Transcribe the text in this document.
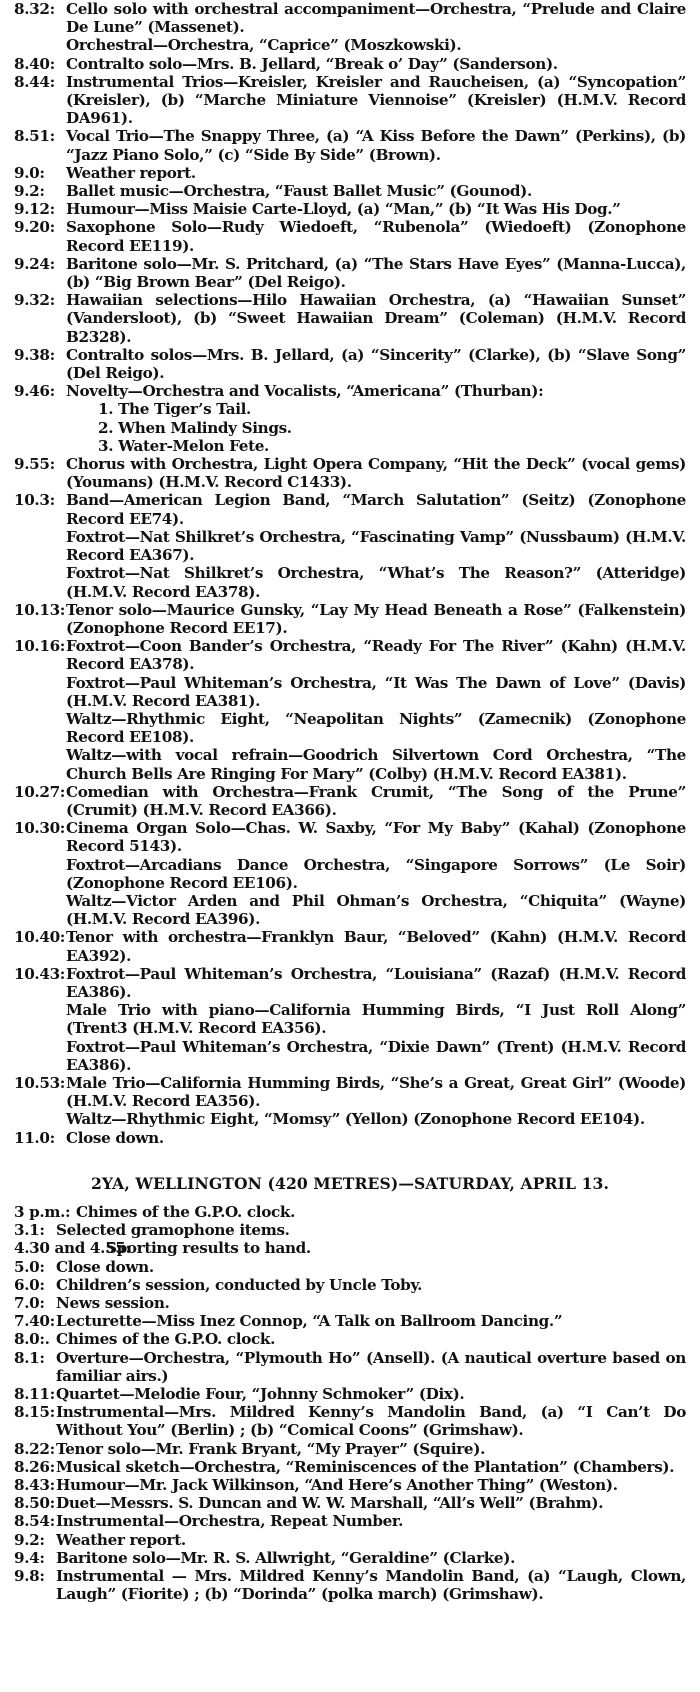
8.32: Cello solo with orchestral accompaniment—Orchestra, “Prelude and Claire De Lune” (Massenet).
Orchestral—Orchestra, “Caprice” (Moszkowski).
8.40: Contralto solo—Mrs. B. Jellard, “Break o’ Day” (Sanderson).
8.44: Instrumental Trios—Kreisler, Kreisler and Raucheisen, (a) “Syncopation” (Kreisler), (b) “Marche Miniature Viennoise” (Kreisler) (H.M.V. Record DA961).
8.51: Vocal Trio—The Snappy Three, (a) “A Kiss Before the Dawn” (Perkins), (b) “Jazz Piano Solo,” (c) “Side By Side” (Brown).
9.0: Weather report.
9.2: Ballet music—Orchestra, “Faust Ballet Music” (Gounod).
9.12: Humour—Miss Maisie Carte-Lloyd, (a) “Man,” (b) “It Was His Dog.”
9.20: Saxophone Solo—Rudy Wiedoeft, “Rubenola” (Wiedoeft) (Zonophone Record EE119).
9.24: Baritone solo—Mr. S. Pritchard, (a) “The Stars Have Eyes” (Manna-Lucca), (b) “Big Brown Bear” (Del Reigo).
9.32: Hawaiian selections—Hilo Hawaiian Orchestra, (a) “Hawaiian Sunset” (Vandersloot), (b) “Sweet Hawaiian Dream” (Coleman) (H.M.V. Record B2328).
9.38: Contralto solos—Mrs. B. Jellard, (a) “Sincerity” (Clarke), (b) “Slave Song” (Del Reigo).
9.46: Novelty—Orchestra and Vocalists, “Americana” (Thurban):
1. The Tiger’s Tail.
2. When Malindy Sings.
3. Water-Melon Fete.
9.55: Chorus with Orchestra, Light Opera Company, “Hit the Deck” (vocal gems) (Youmans) (H.M.V. Record C1433).
10.3: Band—American Legion Band, “March Salutation” (Seitz) (Zonophone Record EE74).
Foxtrot—Nat Shilkret’s Orchestra, “Fascinating Vamp” (Nussbaum) (H.M.V. Record EA367).
Foxtrot—Nat Shilkret’s Orchestra, “What’s The Reason?” (Atteridge) (H.M.V. Record EA378).
10.13: Tenor solo—Maurice Gunsky, “Lay My Head Beneath a Rose” (Falkenstein) (Zonophone Record EE17).
10.16: Foxtrot—Coon Bander’s Orchestra, “Ready For The River” (Kahn) (H.M.V. Record EA378).
Foxtrot—Paul Whiteman’s Orchestra, “It Was The Dawn of Love” (Davis) (H.M.V. Record EA381).
Waltz—Rhythmic Eight, “Neapolitan Nights” (Zamecnik) (Zonophone Record EE108).
Waltz—with vocal refrain—Goodrich Silvertown Cord Orchestra, “The Church Bells Are Ringing For Mary” (Colby) (H.M.V. Record EA381).
10.27: Comedian with Orchestra—Frank Crumit, “The Song of the Prune” (Crumit) (H.M.V. Record EA366).
10.30: Cinema Organ Solo—Chas. W. Saxby, “For My Baby” (Kahal) (Zonophone Record 5143).
Foxtrot—Arcadians Dance Orchestra, “Singapore Sorrows” (Le Soir) (Zonophone Record EE106).
Waltz—Victor Arden and Phil Ohman’s Orchestra, “Chiquita” (Wayne) (H.M.V. Record EA396).
10.40: Tenor with orchestra—Franklyn Baur, “Beloved” (Kahn) (H.M.V. Record EA392).
10.43: Foxtrot—Paul Whiteman’s Orchestra, “Louisiana” (Razaf) (H.M.V. Record EA386).
Male Trio with piano—California Humming Birds, “I Just Roll Along” (Trent3 (H.M.V. Record EA356).
Foxtrot—Paul Whiteman’s Orchestra, “Dixie Dawn” (Trent) (H.M.V. Record EA386).
10.53: Male Trio—California Humming Birds, “She’s a Great, Great Girl” (Woode) (H.M.V. Record EA356).
Waltz—Rhythmic Eight, “Momsy” (Yellon) (Zonophone Record EE104).
11.0: Close down.
2YA, WELLINGTON (420 METRES)—SATURDAY, APRIL 13.
3 p.m.: Chimes of the G.P.O. clock.
3.1: Selected gramophone items.
4.30 and 4.55:
Sporting results to hand.
5.0: Close down.
6.0: Children’s session, conducted by Uncle Toby.
7.0: News session.
7.40: Lecturette—Miss Inez Connop, “A Talk on Ballroom Dancing.”
8.0:. Chimes of the G.P.O. clock.
8.1: Overture—Orchestra, “Plymouth Ho” (Ansell). (A nautical overture based on familiar airs.)
8.11: Quartet—Melodie Four, “Johnny Schmoker” (Dix).
8.15: Instrumental—Mrs. Mildred Kenny’s Mandolin Band, (a) “I Can’t Do Without You” (Berlin) ; (b) “Comical Coons” (Grimshaw).
8.22: Tenor solo—Mr. Frank Bryant, “My Prayer” (Squire).
8.26: Musical sketch—Orchestra, “Reminiscences of the Plantation” (Chambers).
8.43: Humour—Mr. Jack Wilkinson, “And Here’s Another Thing” (Weston).
8.50: Duet—Messrs. S. Duncan and W. W. Marshall, “All’s Well” (Brahm).
8.54: Instrumental—Orchestra, Repeat Number.
9.2: Weather report.
9.4: Baritone solo—Mr. R. S. Allwright, “Geraldine” (Clarke).
9.8: Instrumental — Mrs. Mildred Kenny’s Mandolin Band, (a) “Laugh, Clown, Laugh” (Fiorite) ; (b) “Dorinda” (polka march) (Grimshaw).
